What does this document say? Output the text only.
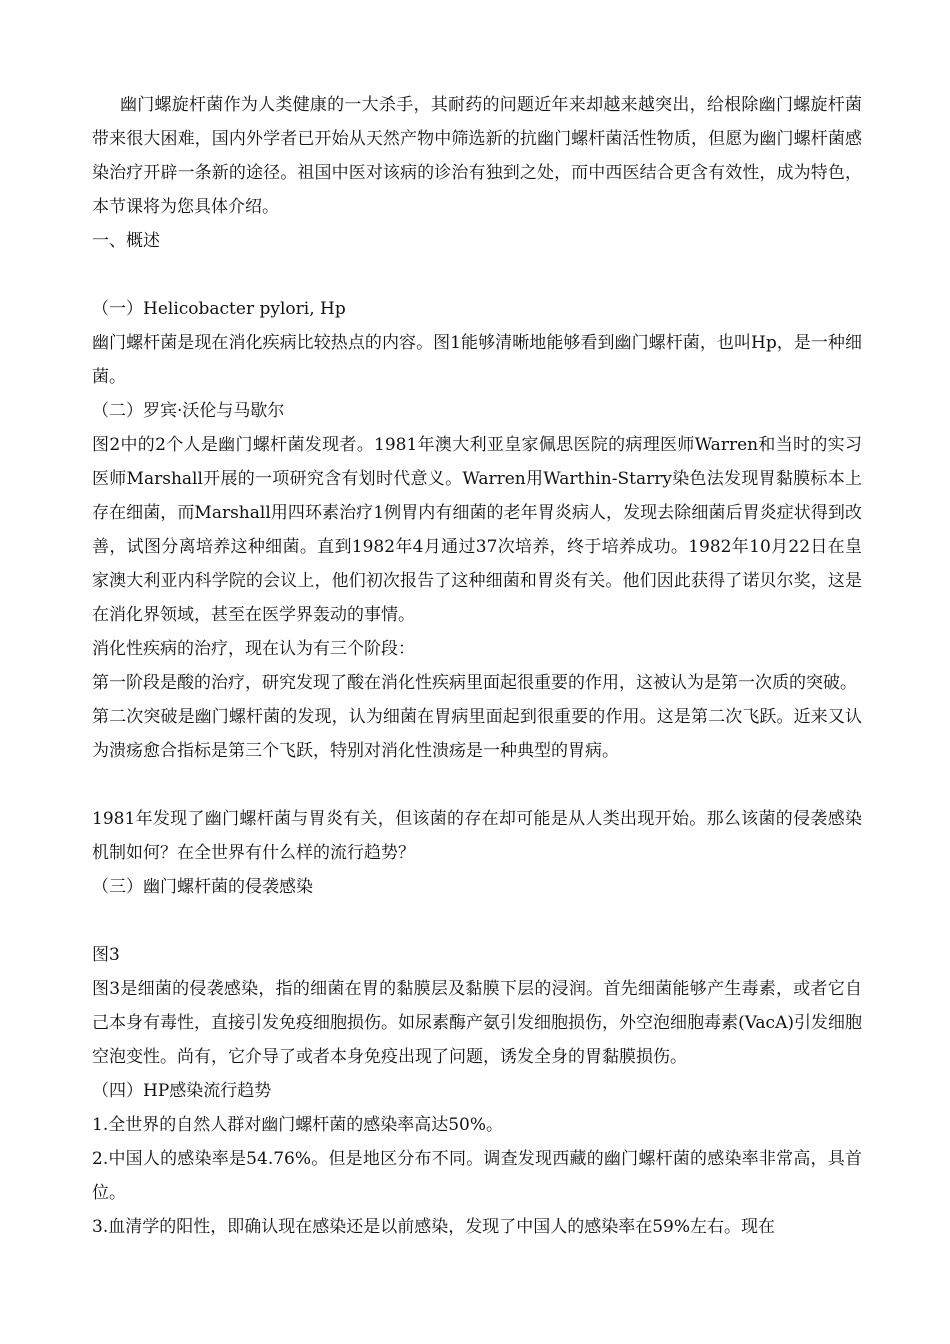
幽门螺旋杆菌作为人类健康的一大杀手，其耐药的问题近年来却越来越突出，给根除幽门螺旋杆菌带来很大困难，国内外学者已开始从天然产物中筛选新的抗幽门螺杆菌活性物质，但愿为幽门螺杆菌感染治疗开辟一条新的途径。祖国中医对该病的诊治有独到之处，而中西医结合更含有效性，成为特色，本节课将为您具体介绍。

一、概述

（一）Helicobacter pylori, Hp

幽门螺杆菌是现在消化疾病比较热点的内容。图1能够清晰地能够看到幽门螺杆菌，也叫Hp，是一种细菌。

（二）罗宾·沃伦与马歇尔

图2中的2个人是幽门螺杆菌发现者。1981年澳大利亚皇家佩思医院的病理医师Warren和当时的实习医师Marshall开展的一项研究含有划时代意义。Warren用Warthin-Starry染色法发现胃黏膜标本上存在细菌，而Marshall用四环素治疗1例胃内有细菌的老年胃炎病人，发现去除细菌后胃炎症状得到改善，试图分离培养这种细菌。直到1982年4月通过37次培养，终于培养成功。1982年10月22日在皇家澳大利亚内科学院的会议上，他们初次报告了这种细菌和胃炎有关。他们因此获得了诺贝尔奖，这是在消化界领域，甚至在医学界轰动的事情。

消化性疾病的治疗，现在认为有三个阶段：

第一阶段是酸的治疗，研究发现了酸在消化性疾病里面起很重要的作用，这被认为是第一次质的突破。

第二次突破是幽门螺杆菌的发现，认为细菌在胃病里面起到很重要的作用。这是第二次飞跃。近来又认为溃疡愈合指标是第三个飞跃，特别对消化性溃疡是一种典型的胃病。

1981年发现了幽门螺杆菌与胃炎有关，但该菌的存在却可能是从人类出现开始。那么该菌的侵袭感染机制如何？在全世界有什么样的流行趋势？

（三）幽门螺杆菌的侵袭感染

图3

图3是细菌的侵袭感染，指的细菌在胃的黏膜层及黏膜下层的浸润。首先细菌能够产生毒素，或者它自己本身有毒性，直接引发免疫细胞损伤。如尿素酶产氨引发细胞损伤，外空泡细胞毒素(VacA)引发细胞空泡变性。尚有，它介导了或者本身免疫出现了问题，诱发全身的胃黏膜损伤。

（四）HP感染流行趋势

1.全世界的自然人群对幽门螺杆菌的感染率高达50%。

2.中国人的感染率是54.76%。但是地区分布不同。调查发现西藏的幽门螺杆菌的感染率非常高，具首位。

3.血清学的阳性，即确认现在感染还是以前感染，发现了中国人的感染率在59%左右。现在
